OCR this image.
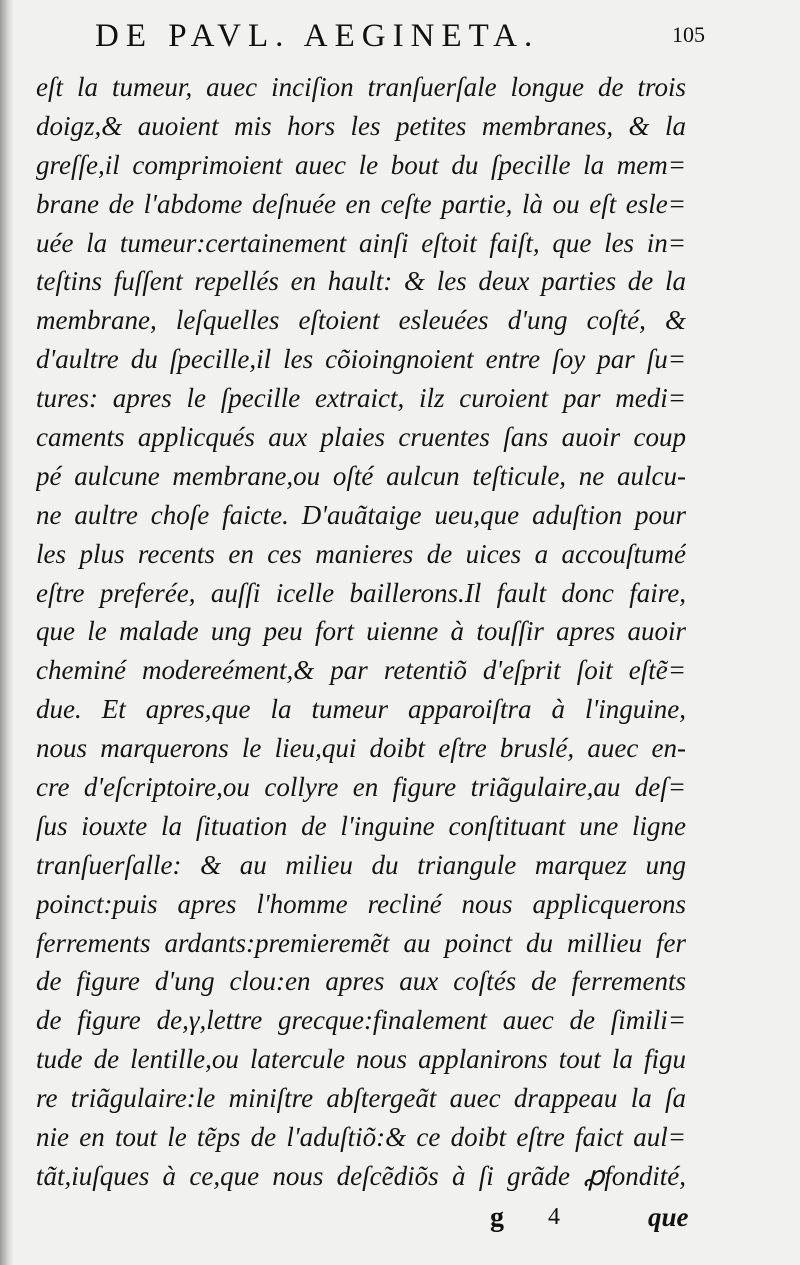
DE PAVL. AEGINETA.	105
eſt la tumeur, auec inciſion tranſuerſale longue de trois
doigz,& auoient mis hors les petites membranes, & la
greſſe,il comprimoient auec le bout du ſpecille la mem=
brane de l'abdome deſnuée en ceſte partie, là ou eſt esle=
uée la tumeur:certainement ainſi eſtoit faiſt, que les in=
teſtins fuſſent repellés en hault: & les deux parties de la
membrane, leſquelles eſtoient esleuées d'ung coſté, &
d'aultre du ſpecille,il les cõioingnoient entre ſoy par ſu=
tures: apres le ſpecille extraict, ilz curoient par medi=
caments applicqués aux plaies cruentes ſans auoir coup
pé aulcune membrane,ou oſté aulcun teſticule, ne aulcu-
ne aultre choſe faicte. D'auãtaige ueu,que aduſtion pour
les plus recents en ces manieres de uices a accouſtumé
eſtre preferée, auſſi icelle baillerons.Il fault donc faire,
que le malade ung peu fort uienne à touſſir apres auoir
cheminé modereément,& par retentiõ d'eſprit ſoit eſtẽ=
due. Et apres,que la tumeur apparoiſtra à l'inguine,
nous marquerons le lieu,qui doibt eſtre bruslé, auec en-
cre d'eſcriptoire,ou collyre en figure triãgulaire,au deſ=
ſus iouxte la ſituation de l'inguine conſtituant une ligne
tranſuerſalle: & au milieu du triangule marquez ung
poinct:puis apres l'homme recliné nous applicquerons
ferrements ardants:premieremẽt au poinct du millieu fer
de figure d'ung clou:en apres aux coſtés de ferrements
de figure de,γ,lettre grecque:finalement auec de ſimili=
tude de lentille,ou latercule nous applanirons tout la figu
re triãgulaire:le miniſtre abſtergeãt auec drappeau la ſa
nie en tout le tẽps de l'aduſtiõ:& ce doibt eſtre faict aul=
tãt,iuſques à ce,que nous deſcẽdiõs à ſi grãde ꝓfondité,
g 4	que
